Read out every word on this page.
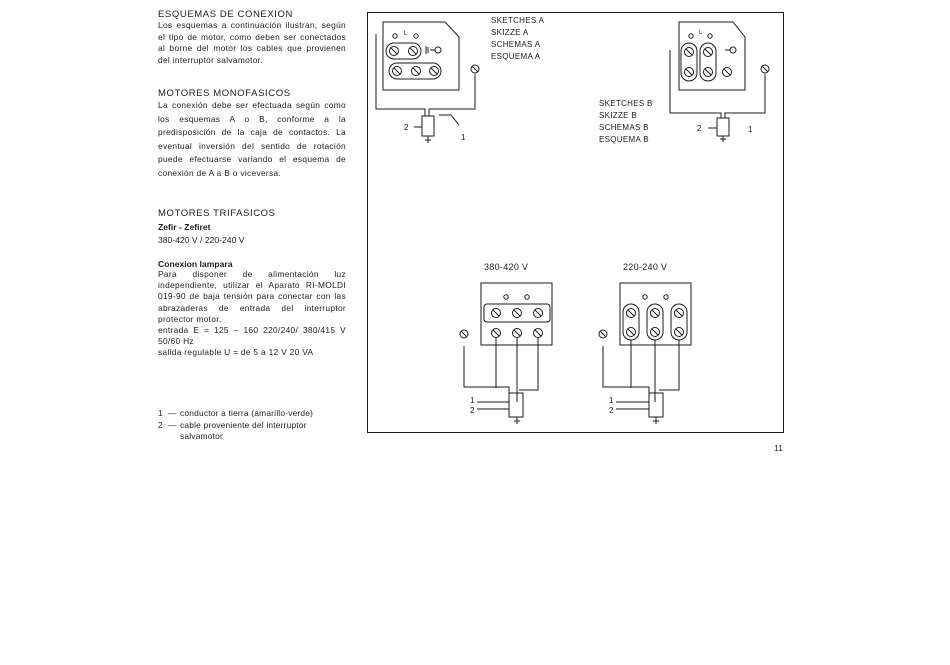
ESQUEMAS DE CONEXION

Los esquemas a continuación ilustran, según el tipo de motor, como deben ser conectados al borne del motor los cables que provienen del interruptor salvamotor.

MOTORES MONOFASICOS

La conexión debe ser efectuada según como los esquemas A o B, conforme a la predisposición de la caja de contactos. La eventual inversión del sentido de rotación puede efectuarse variando el esquema de conexión de A a B o viceversa.

MOTORES TRIFASICOS

Zefir - Zefiret

380-420 V / 220-240 V

Conexion lampara

Para disponer de alimentación luz independiente, utilizar el Aparato RI-MOLDI 019-90 de baja tensión para conectar con las abrazaderas de entrada del interruptor protector motor.

entrada E = 125 – 160 220/240/ 380/415 V 50/60 Hz

salida regulable U = de 5 a 12 V 20 VA

1 — conductor a tierra (amarillo-verde)
2 — cable proveniente del interruptor salvamotor
SKETCHES A
SKIZZE A
SCHEMAS A
ESQUEMA A
SKETCHES B
SKIZZE B
SCHEMAS B
ESQUEMA B
L	L
2
1
2	1
380-420 V	220-240 V
1
2
1
2
11
